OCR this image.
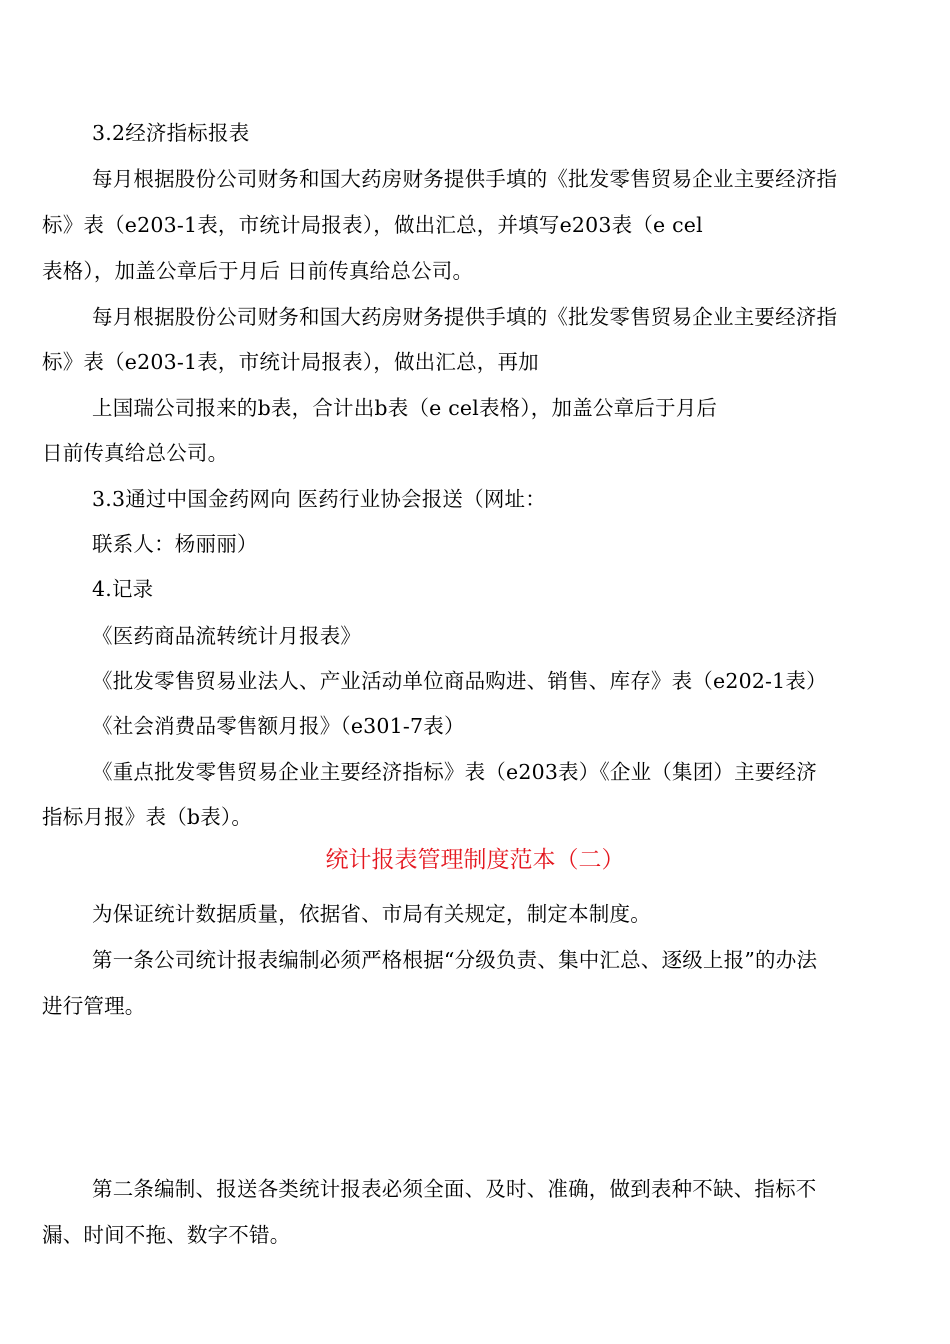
3.2经济指标报表
每月根据股份公司财务和国大药房财务提供手填的《批发零售贸易企业主要经济指
标》表（e203-1表，市统计局报表），做出汇总，并填写e203表（e cel
表格），加盖公章后于月后 日前传真给总公司。
每月根据股份公司财务和国大药房财务提供手填的《批发零售贸易企业主要经济指
标》表（e203-1表，市统计局报表），做出汇总，再加
上国瑞公司报来的b表，合计出b表（e cel表格），加盖公章后于月后
日前传真给总公司。
3.3通过中国金药网向 医药行业协会报送（网址：
联系人：杨丽丽）
4.记录
《医药商品流转统计月报表》
《批发零售贸易业法人、产业活动单位商品购进、销售、库存》表（e202-1表）
《社会消费品零售额月报》（e301-7表）
《重点批发零售贸易企业主要经济指标》表（e203表）《企业（集团）主要经济
指标月报》表（b表）。
统计报表管理制度范本（二）
为保证统计数据质量，依据省、市局有关规定，制定本制度。
第一条公司统计报表编制必须严格根据“分级负责、集中汇总、逐级上报”的办法
进行管理。
第二条编制、报送各类统计报表必须全面、及时、准确，做到表种不缺、指标不
漏、时间不拖、数字不错。
